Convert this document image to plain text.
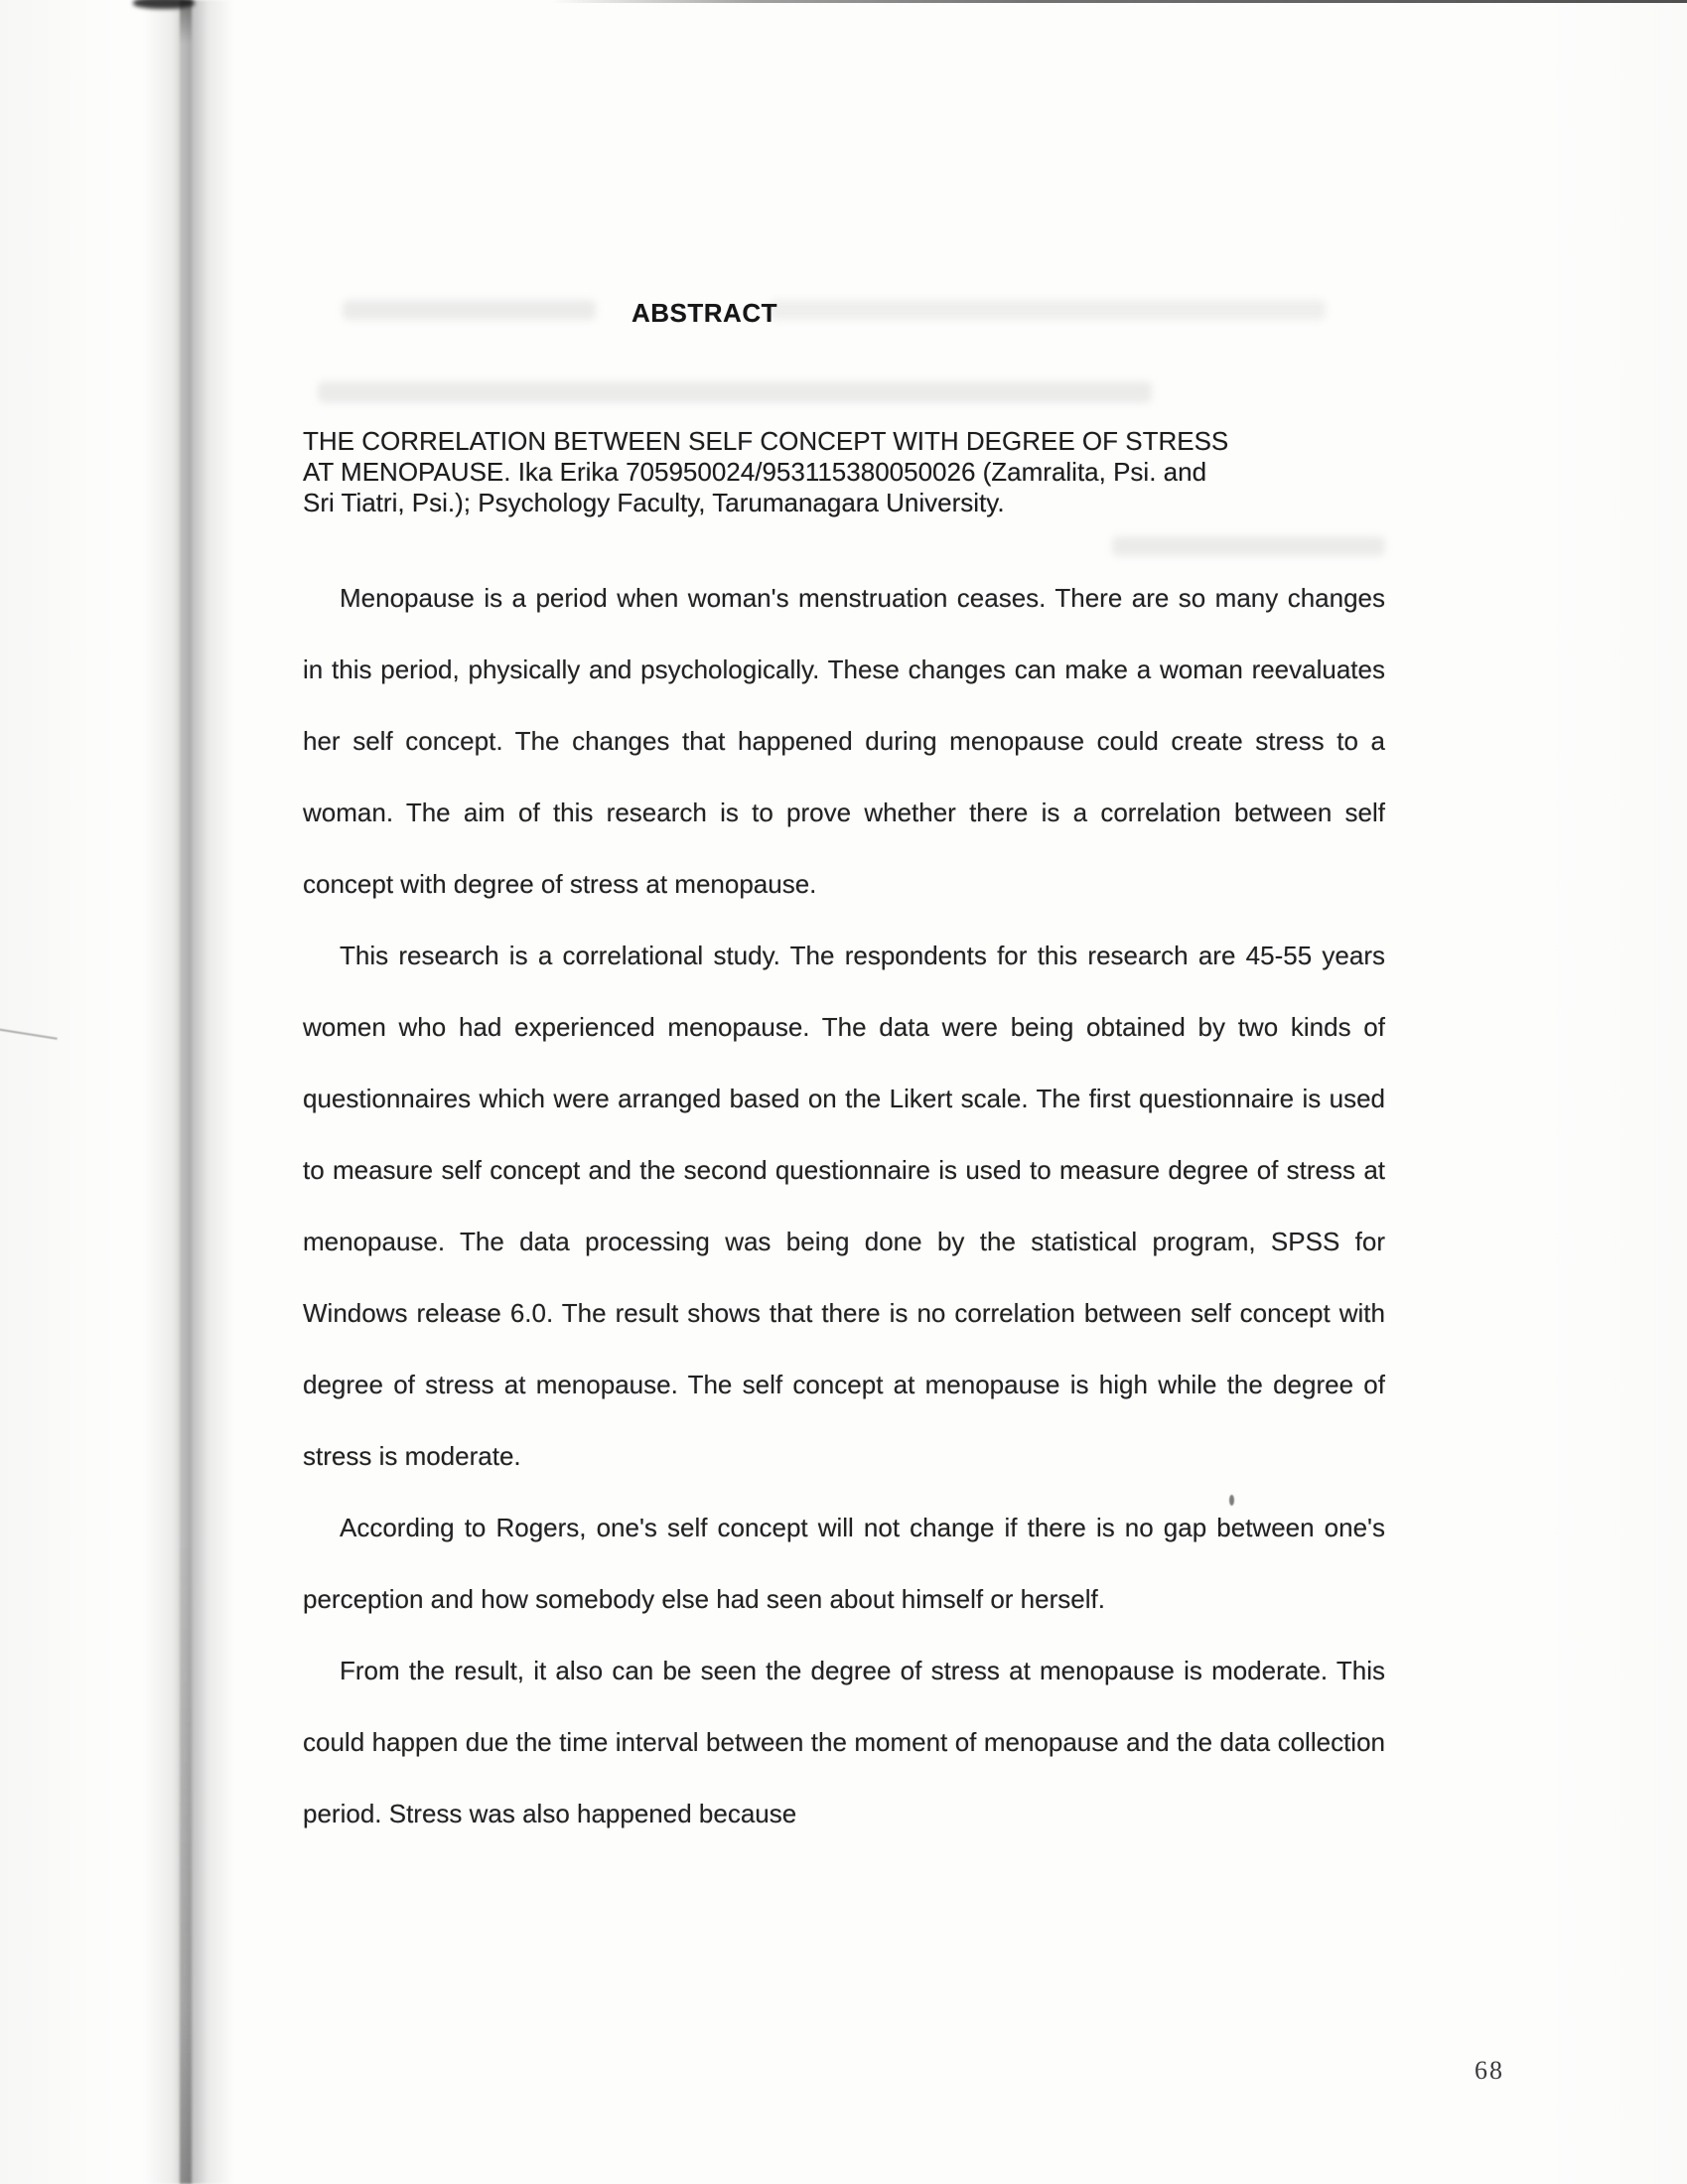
ABSTRACT
THE CORRELATION BETWEEN SELF CONCEPT WITH DEGREE OF STRESS
AT MENOPAUSE. Ika Erika 705950024/953115380050026 (Zamralita, Psi. and
Sri Tiatri, Psi.); Psychology Faculty, Tarumanagara University.

Menopause is a period when woman's menstruation ceases. There are so many changes in this period, physically and psychologically. These changes can make a woman reevaluates her self concept. The changes that happened during menopause could create stress to a woman. The aim of this research is to prove whether there is a correlation between self concept with degree of stress at menopause.

This research is a correlational study. The respondents for this research are 45-55 years women who had experienced menopause. The data were being obtained by two kinds of questionnaires which were arranged based on the Likert scale. The first questionnaire is used to measure self concept and the second questionnaire is used to measure degree of stress at menopause. The data processing was being done by the statistical program, SPSS for Windows release 6.0. The result shows that there is no correlation between self concept with degree of stress at menopause. The self concept at menopause is high while the degree of stress is moderate.

According to Rogers, one's self concept will not change if there is no gap between one's perception and how somebody else had seen about himself or herself.

From the result, it also can be seen the degree of stress at menopause is moderate. This could happen due the time interval between the moment of menopause and the data collection period. Stress was also happened because

68
